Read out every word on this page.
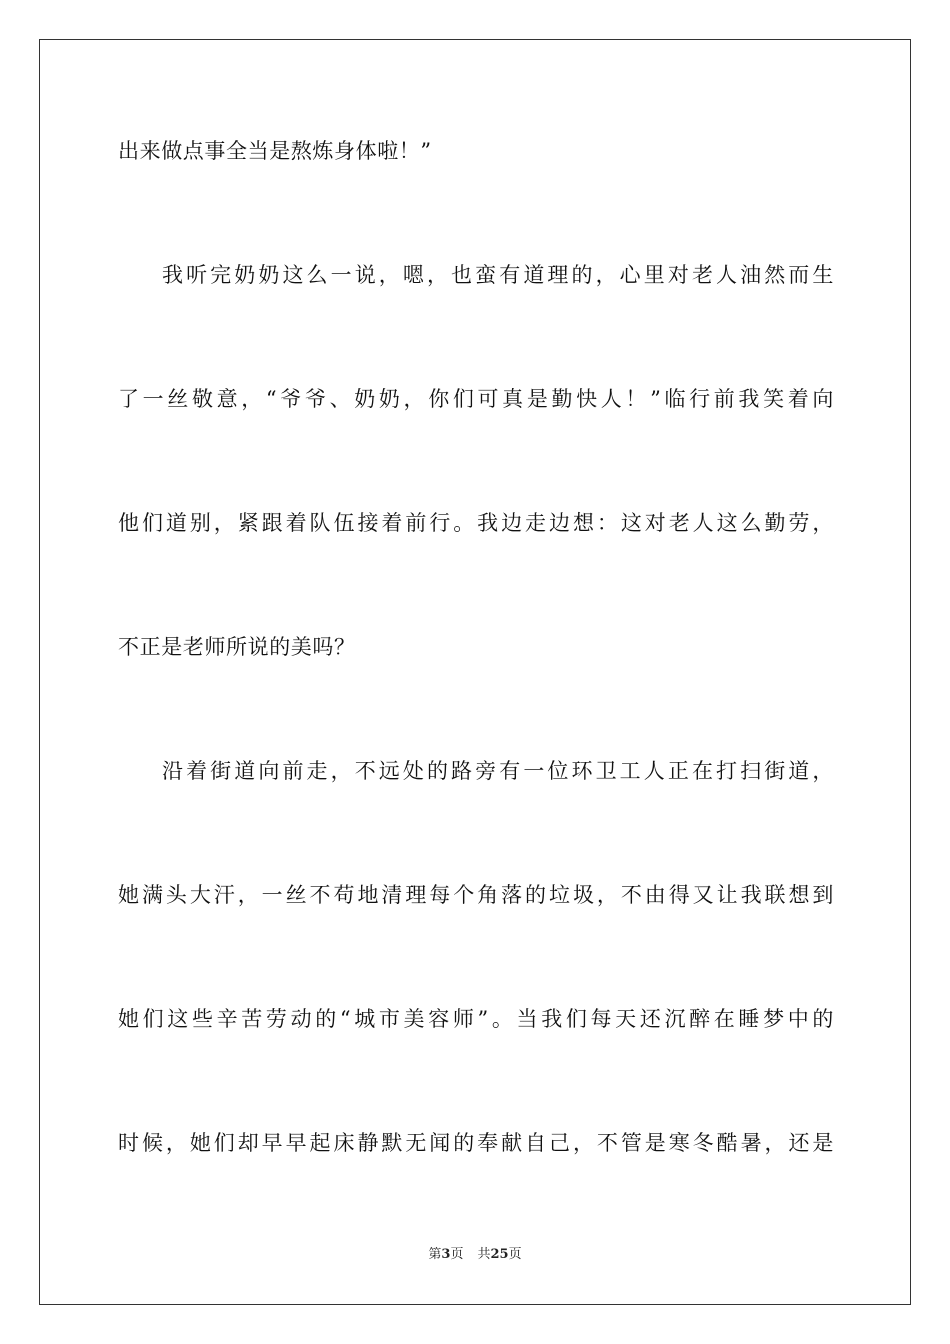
出来做点事全当是熬炼身体啦！”
我听完奶奶这么一说，嗯，也蛮有道理的，心里对老人油然而生
了一丝敬意，“爷爷、奶奶，你们可真是勤快人！”临行前我笑着向
他们道别，紧跟着队伍接着前行。我边走边想：这对老人这么勤劳，
不正是老师所说的美吗？
沿着街道向前走，不远处的路旁有一位环卫工人正在打扫街道，
她满头大汗，一丝不苟地清理每个角落的垃圾，不由得又让我联想到
她们这些辛苦劳动的“城市美容师”。当我们每天还沉醉在睡梦中的
时候，她们却早早起床静默无闻的奉献自己，不管是寒冬酷暑，还是
第3页 共25页
